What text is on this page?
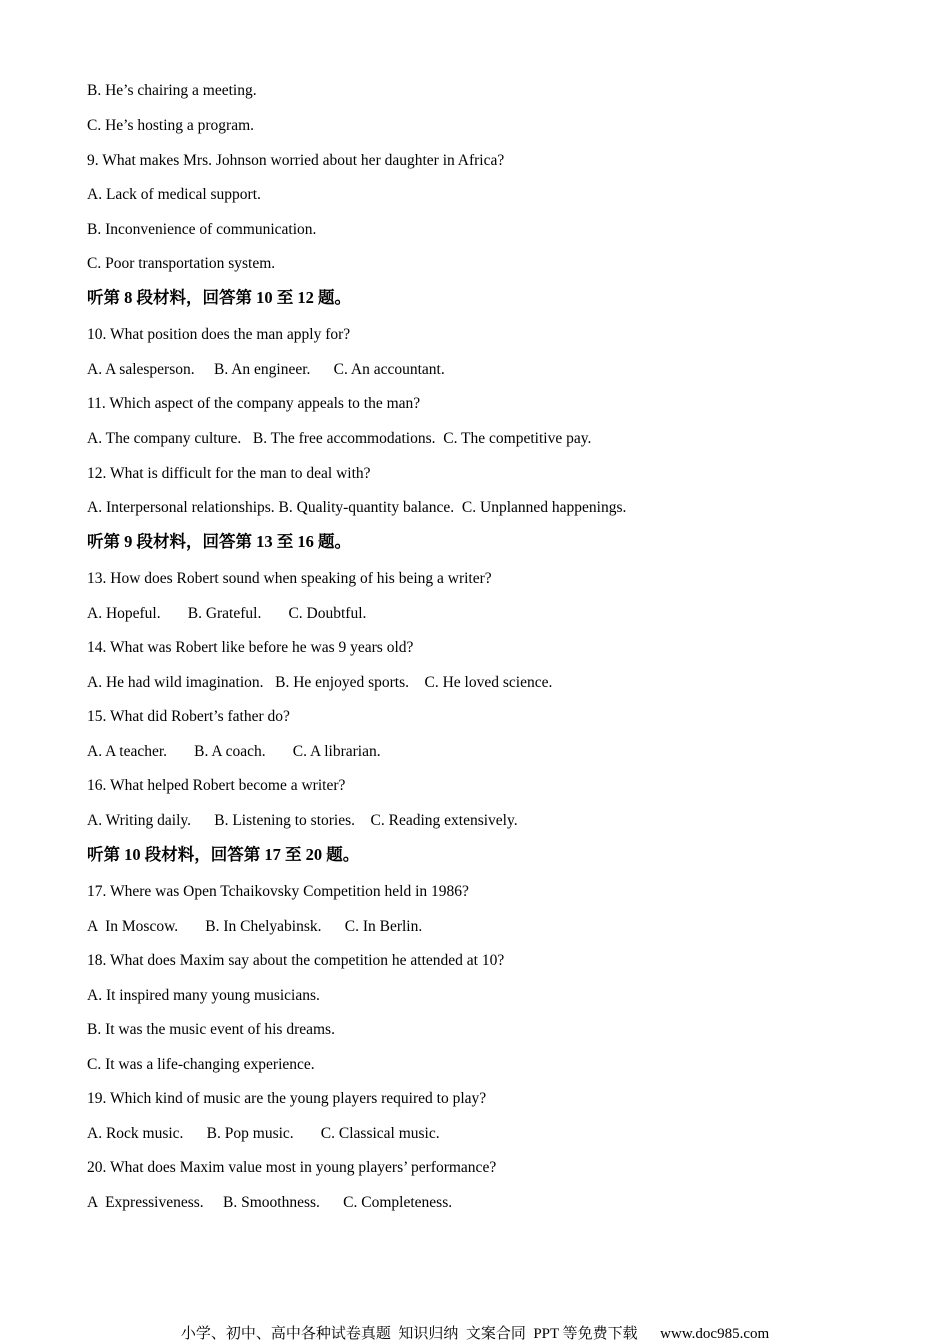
B. He’s chairing a meeting.
C. He’s hosting a program.
9. What makes Mrs. Johnson worried about her daughter in Africa?
A. Lack of medical support.
B. Inconvenience of communication.
C. Poor transportation system.
听第 8 段材料，回答第 10 至 12 题。
10. What position does the man apply for?
A. A salesperson.     B. An engineer.      C. An accountant.
11. Which aspect of the company appeals to the man?
A. The company culture.   B. The free accommodations.  C. The competitive pay.
12. What is difficult for the man to deal with?
A. Interpersonal relationships. B. Quality-quantity balance.  C. Unplanned happenings.
听第 9 段材料，回答第 13 至 16 题。
13. How does Robert sound when speaking of his being a writer?
A. Hopeful.       B. Grateful.       C. Doubtful.
14. What was Robert like before he was 9 years old?
A. He had wild imagination.   B. He enjoyed sports.    C. He loved science.
15. What did Robert’s father do?
A. A teacher.       B. A coach.       C. A librarian.
16. What helped Robert become a writer?
A. Writing daily.      B. Listening to stories.    C. Reading extensively.
听第 10 段材料，回答第 17 至 20 题。
17. Where was Open Tchaikovsky Competition held in 1986?
A  In Moscow.       B. In Chelyabinsk.      C. In Berlin.
18. What does Maxim say about the competition he attended at 10?
A. It inspired many young musicians.
B. It was the music event of his dreams.
C. It was a life-changing experience.
19. Which kind of music are the young players required to play?
A. Rock music.      B. Pop music.       C. Classical music.
20. What does Maxim value most in young players’ performance?
A  Expressiveness.     B. Smoothness.      C. Completeness.
小学、初中、高中各种试卷真题  知识归纳  文案合同  PPT 等免费下载      www.doc985.com
